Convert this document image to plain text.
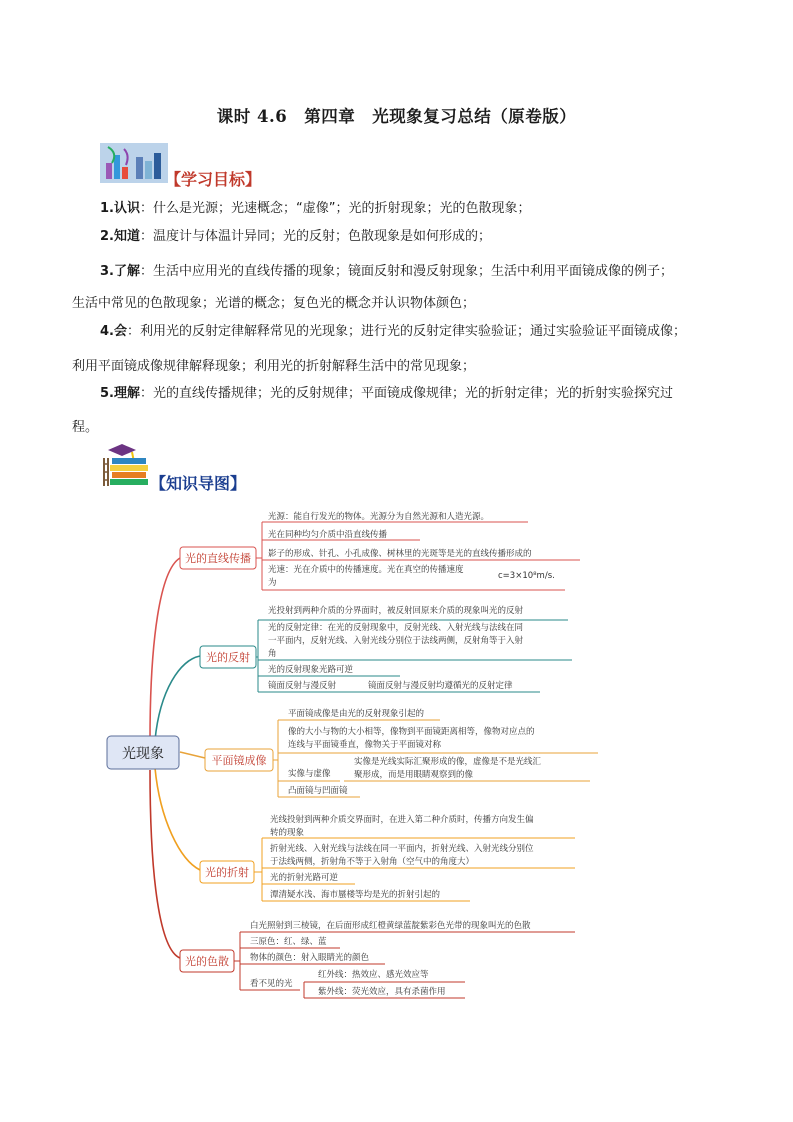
课时 4.6　第四章　光现象复习总结（原卷版）
【学习目标】
1.认识：什么是光源；光速概念；“虚像”；光的折射现象；光的色散现象；
2.知道：温度计与体温计异同；光的反射；色散现象是如何形成的；
3.了解：生活中应用光的直线传播的现象；镜面反射和漫反射现象；生活中利用平面镜成像的例子；
生活中常见的色散现象；光谱的概念；复色光的概念并认识物体颜色；
4.会：利用光的反射定律解释常见的光现象；进行光的反射定律实验验证；通过实验验证平面镜成像；
利用平面镜成像规律解释现象；利用光的折射解释生活中的常见现象；
5.理解：光的直线传播规律；光的反射规律；平面镜成像规律；光的折射定律；光的折射实验探究过
程。
【知识导图】
光现象
光的直线传播
光源：能自行发光的物体。光源分为自然光源和人造光源。
光在同种均匀介质中沿直线传播
影子的形成、针孔、小孔成像、树林里的光斑等是光的直线传播形成的
光速：光在介质中的传播速度。光在真空的传播速度
为
c=3×10⁸m/s.
光的反射
光投射到两种介质的分界面时，被反射回原来介质的现象叫光的反射
光的反射定律：在光的反射现象中，反射光线、入射光线与法线在同
一平面内，反射光线、入射光线分别位于法线两侧，反射角等于入射
角
光的反射现象光路可逆
镜面反射与漫反射	镜面反射与漫反射均遵循光的反射定律
平面镜成像
平面镜成像是由光的反射现象引起的
像的大小与物的大小相等，像物到平面镜距离相等，像物对应点的
连线与平面镜垂直，像物关于平面镜对称
实像与虚像
实像是光线实际汇聚形成的像，虚像是不是光线汇
聚形成，而是用眼睛观察到的像
凸面镜与凹面镜
光的折射
光线投射到两种介质交界面时，在进入第二种介质时，传播方向发生偏
转的现象
折射光线、入射光线与法线在同一平面内，折射光线、入射光线分别位
于法线两侧，折射角不等于入射角（空气中的角度大）
光的折射光路可逆
潭清疑水浅、海市蜃楼等均是光的折射引起的
光的色散
白光照射到三棱镜，在后面形成红橙黄绿蓝靛紫彩色光带的现象叫光的色散
三原色：红、绿、蓝
物体的颜色：射入眼睛光的颜色
看不见的光
红外线：热效应、感光效应等
紫外线：荧光效应，具有杀菌作用
